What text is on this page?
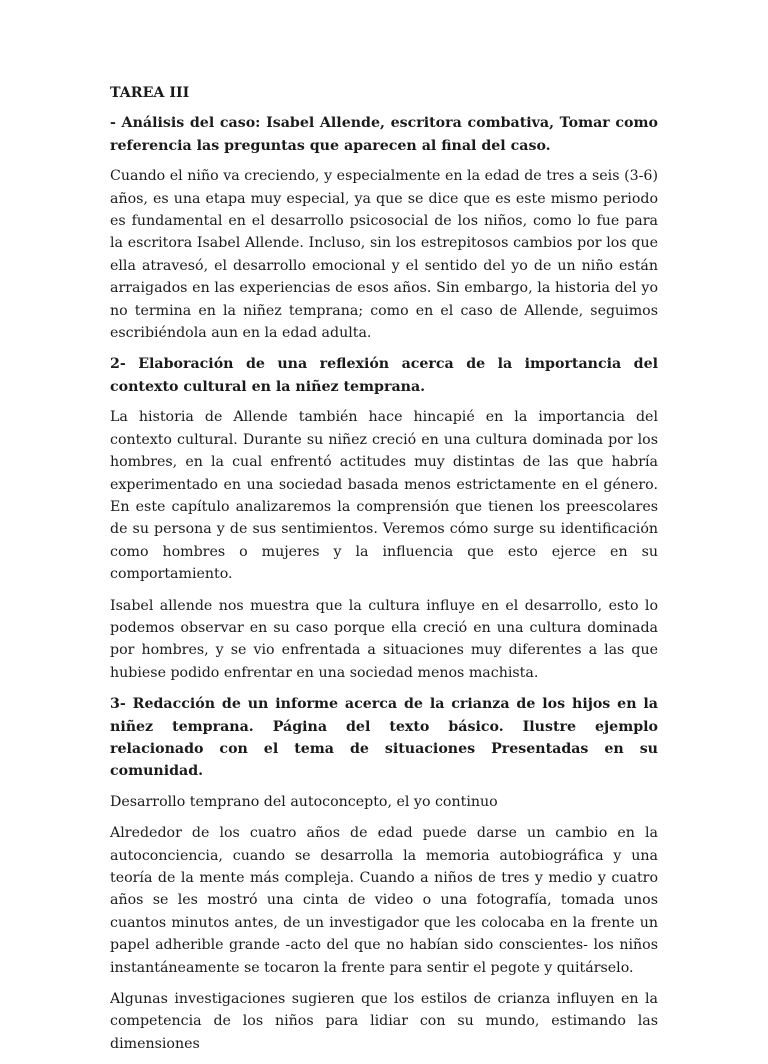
TAREA III

- Análisis del caso: Isabel Allende, escritora combativa, Tomar como referencia las preguntas que aparecen al final del caso.

Cuando el niño va creciendo, y especialmente en la edad de tres a seis (3-6) años, es una etapa muy especial, ya que se dice que es este mismo periodo es fundamental en el desarrollo psicosocial de los niños, como lo fue para la escritora Isabel Allende. Incluso, sin los estrepitosos cambios por los que ella atravesó, el desarrollo emocional y el sentido del yo de un niño están arraigados en las experiencias de esos años. Sin embargo, la historia del yo no termina en la niñez temprana; como en el caso de Allende, seguimos escribiéndola aun en la edad adulta.

2- Elaboración de una reflexión acerca de la importancia del contexto cultural en la niñez temprana.

La historia de Allende también hace hincapié en la importancia del contexto cultural. Durante su niñez creció en una cultura dominada por los hombres, en la cual enfrentó actitudes muy distintas de las que habría experimentado en una sociedad basada menos estrictamente en el género. En este capítulo analizaremos la comprensión que tienen los preescolares de su persona y de sus sentimientos. Veremos cómo surge su identificación como hombres o mujeres y la influencia que esto ejerce en su comportamiento.

Isabel allende nos muestra que la cultura influye en el desarrollo, esto lo podemos observar en su caso porque ella creció en una cultura dominada por hombres, y se vio enfrentada a situaciones muy diferentes a las que hubiese podido enfrentar en una sociedad menos machista.

3- Redacción de un informe acerca de la crianza de los hijos en la niñez temprana. Página del texto básico. Ilustre ejemplo relacionado con el tema de situaciones Presentadas en su comunidad.

Desarrollo temprano del autoconcepto, el yo continuo

Alrededor de los cuatro años de edad puede darse un cambio en la autoconciencia, cuando se desarrolla la memoria autobiográfica y una teoría de la mente más compleja. Cuando a niños de tres y medio y cuatro años se les mostró una cinta de video o una fotografía, tomada unos cuantos minutos antes, de un investigador que les colocaba en la frente un papel adherible grande -acto del que no habían sido conscientes- los niños instantáneamente se tocaron la frente para sentir el pegote y quitárselo.

Algunas investigaciones sugieren que los estilos de crianza influyen en la competencia de los niños para lidiar con su mundo, estimando las dimensiones
